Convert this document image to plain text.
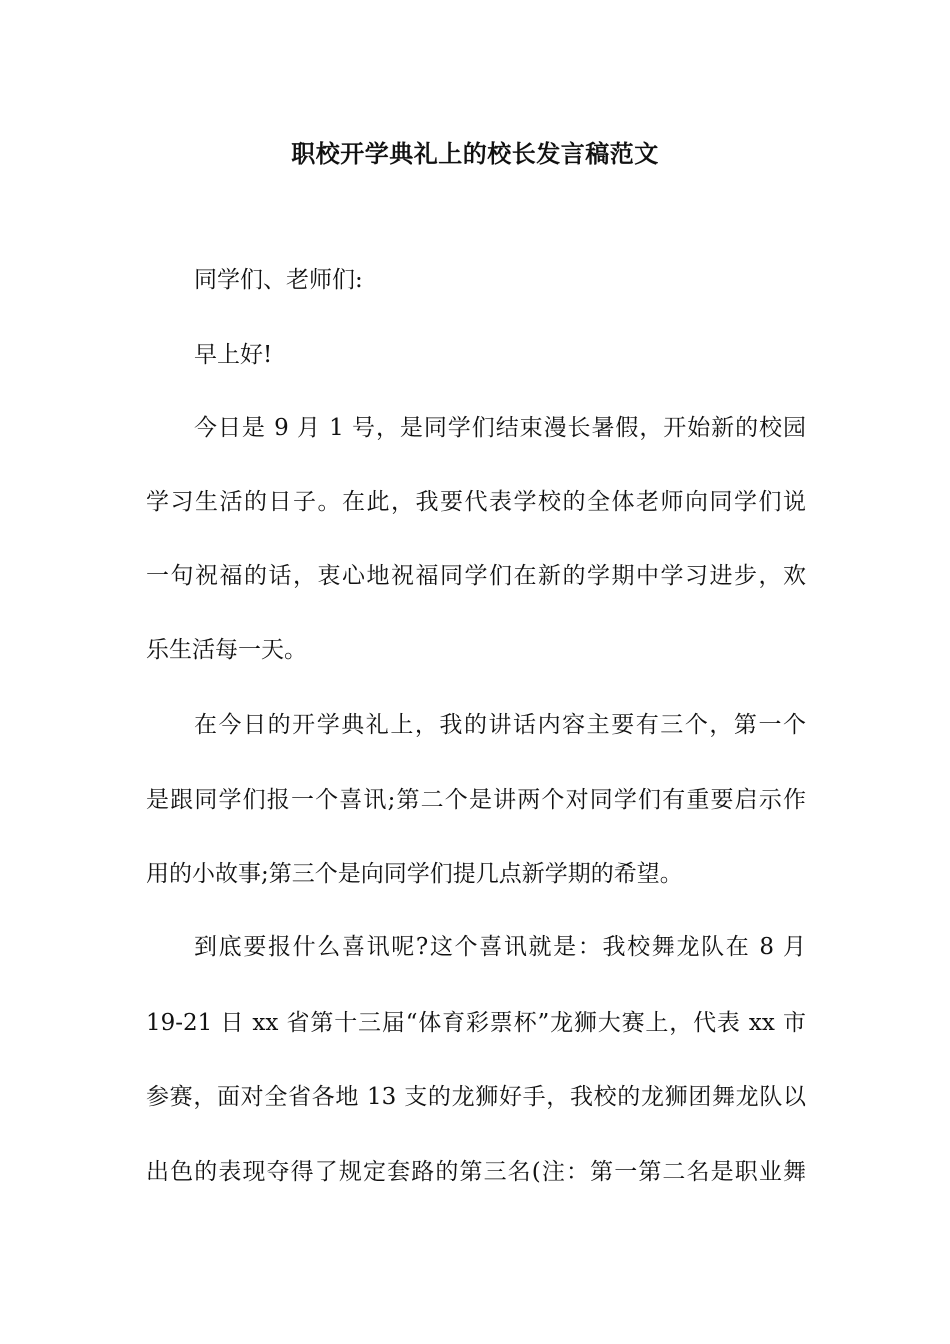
职校开学典礼上的校长发言稿范文
同学们、老师们:
早上好!
今日是 9 月 1 号，是同学们结束漫长暑假，开始新的校园
学习生活的日子。在此，我要代表学校的全体老师向同学们说
一句祝福的话，衷心地祝福同学们在新的学期中学习进步，欢
乐生活每一天。
在今日的开学典礼上，我的讲话内容主要有三个，第一个
是跟同学们报一个喜讯;第二个是讲两个对同学们有重要启示作
用的小故事;第三个是向同学们提几点新学期的希望。
到底要报什么喜讯呢?这个喜讯就是：我校舞龙队在 8 月
19-21 日 xx 省第十三届“体育彩票杯”龙狮大赛上，代表 xx 市
参赛，面对全省各地 13 支的龙狮好手，我校的龙狮团舞龙队以
出色的表现夺得了规定套路的第三名(注：第一第二名是职业舞
